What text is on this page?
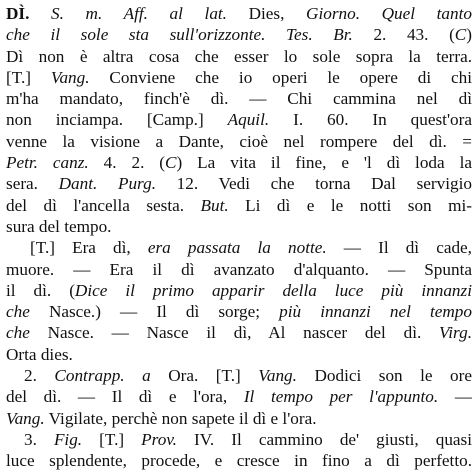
DÌ. S. m. Aff. al lat. Dies, Giorno. Quel tanto
che il sole sta sull'orizzonte. Tes. Br. 2. 43. (C)
Dì non è altra cosa che esser lo sole sopra la terra.
[T.] Vang. Conviene che io operi le opere di chi
m'ha mandato, finch'è dì. — Chi cammina nel dì
non inciampa. [Camp.] Aquil. I. 60. In quest'ora
venne la visione a Dante, cioè nel rompere del dì. =
Petr. canz. 4. 2. (C) La vita il fine, e 'l dì loda la
sera. Dant. Purg. 12. Vedi che torna Dal servigio
del dì l'ancella sesta. But. Li dì e le notti son mi-
sura del tempo.
[T.] Era dì, era passata la notte. — Il dì cade,
muore. — Era il dì avanzato d'alquanto. — Spunta
il dì. (Dice il primo apparir della luce più innanzi
che Nasce.) — Il dì sorge; più innanzi nel tempo
che Nasce. — Nasce il dì, Al nascer del dì. Virg.
Orta dies.
2. Contrapp. a Ora. [T.] Vang. Dodici son le ore
del dì. — Il dì e l'ora, Il tempo per l'appunto. —
Vang. Vigilate, perchè non sapete il dì e l'ora.
3. Fig. [T.] Prov. IV. Il cammino de' giusti, quasi
luce splendente, procede, e cresce in fino a dì perfetto.
